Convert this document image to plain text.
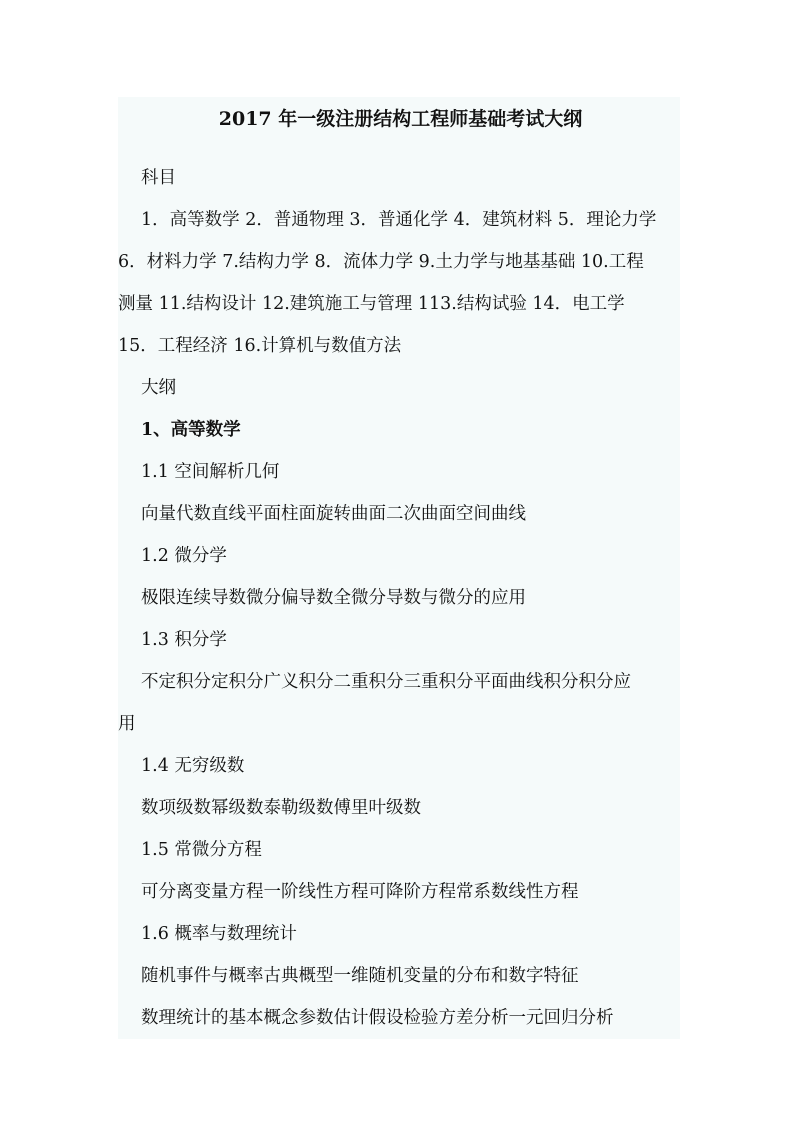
2017 年一级注册结构工程师基础考试大纲
科目
1．高等数学 2．普通物理 3．普通化学 4．建筑材料 5．理论力学
6．材料力学 7.结构力学 8．流体力学 9.土力学与地基基础 10.工程
测量 11.结构设计 12.建筑施工与管理 113.结构试验 14．电工学
15．工程经济 16.计算机与数值方法
大纲
1、高等数学
1.1 空间解析几何
向量代数直线平面柱面旋转曲面二次曲面空间曲线
1.2 微分学
极限连续导数微分偏导数全微分导数与微分的应用
1.3 积分学
不定积分定积分广义积分二重积分三重积分平面曲线积分积分应
用
1.4 无穷级数
数项级数幂级数泰勒级数傅里叶级数
1.5 常微分方程
可分离变量方程一阶线性方程可降阶方程常系数线性方程
1.6 概率与数理统计
随机事件与概率古典概型一维随机变量的分布和数字特征
数理统计的基本概念参数估计假设检验方差分析一元回归分析
